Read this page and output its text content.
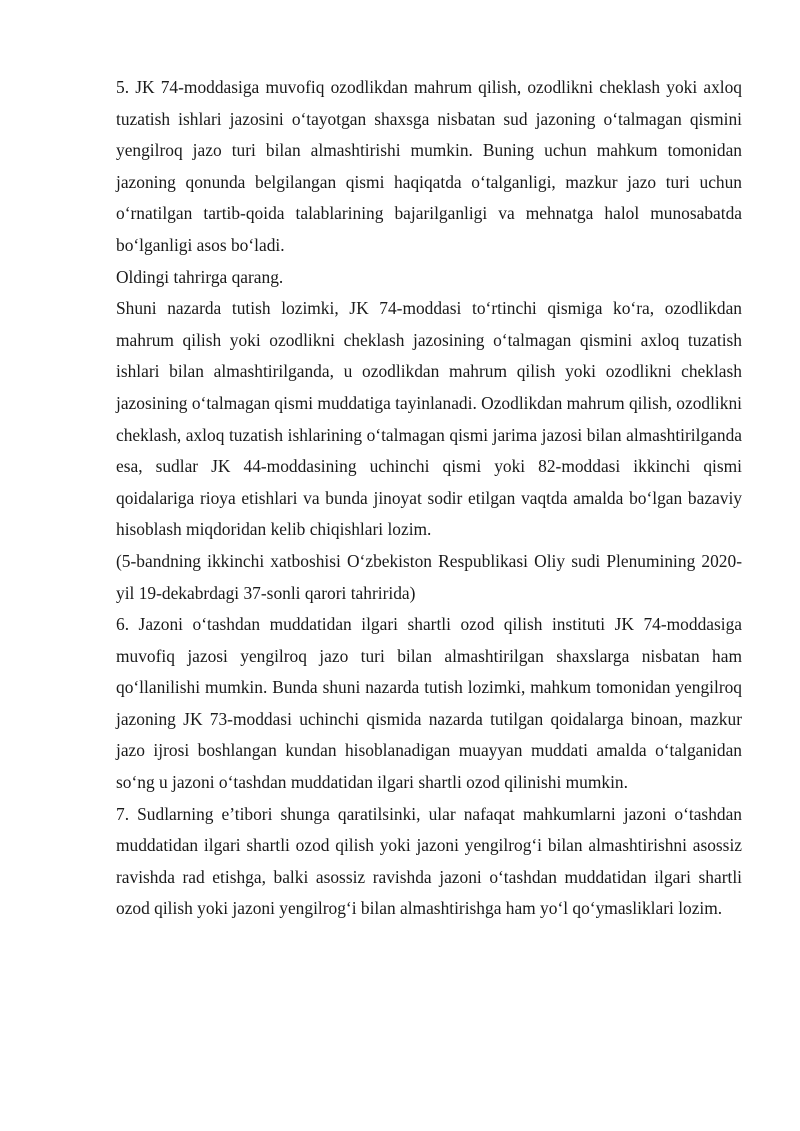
5. JK 74-moddasiga muvofiq ozodlikdan mahrum qilish, ozodlikni cheklash yoki axloq tuzatish ishlari jazosini o‘tayotgan shaxsga nisbatan sud jazoning o‘talmagan qismini yengilroq jazo turi bilan almashtirishi mumkin. Buning uchun mahkum tomonidan jazoning qonunda belgilangan qismi haqiqatda o‘talganligi, mazkur jazo turi uchun o‘rnatilgan tartib-qoida talablarining bajarilganligi va mehnatga halol munosabatda bo‘lganligi asos bo‘ladi.

Oldingi tahrirga qarang.

Shuni nazarda tutish lozimki, JK 74-moddasi to‘rtinchi qismiga ko‘ra, ozodlikdan mahrum qilish yoki ozodlikni cheklash jazosining o‘talmagan qismini axloq tuzatish ishlari bilan almashtirilganda, u ozodlikdan mahrum qilish yoki ozodlikni cheklash jazosining o‘talmagan qismi muddatiga tayinlanadi. Ozodlikdan mahrum qilish, ozodlikni cheklash, axloq tuzatish ishlarining o‘talmagan qismi jarima jazosi bilan almashtirilganda esa, sudlar JK 44-moddasining uchinchi qismi yoki 82-moddasi ikkinchi qismi qoidalariga rioya etishlari va bunda jinoyat sodir etilgan vaqtda amalda bo‘lgan bazaviy hisoblash miqdoridan kelib chiqishlari lozim.

(5-bandning ikkinchi xatboshisi O‘zbekiston Respublikasi Oliy sudi Plenumining 2020-yil 19-dekabrdagi 37-sonli qarori tahririda)

6. Jazoni o‘tashdan muddatidan ilgari shartli ozod qilish instituti JK 74-moddasiga muvofiq jazosi yengilroq jazo turi bilan almashtirilgan shaxslarga nisbatan ham qo‘llanilishi mumkin. Bunda shuni nazarda tutish lozimki, mahkum tomonidan yengilroq jazoning JK 73-moddasi uchinchi qismida nazarda tutilgan qoidalarga binoan, mazkur jazo ijrosi boshlangan kundan hisoblanadigan muayyan muddati amalda o‘talganidan so‘ng u jazoni o‘tashdan muddatidan ilgari shartli ozod qilinishi mumkin.

7. Sudlarning e’tibori shunga qaratilsinki, ular nafaqat mahkumlarni jazoni o‘tashdan muddatidan ilgari shartli ozod qilish yoki jazoni yengilrog‘i bilan almashtirishni asossiz ravishda rad etishga, balki asossiz ravishda jazoni o‘tashdan muddatidan ilgari shartli ozod qilish yoki jazoni yengilrog‘i bilan almashtirishga ham yo‘l qo‘ymasliklari lozim.
